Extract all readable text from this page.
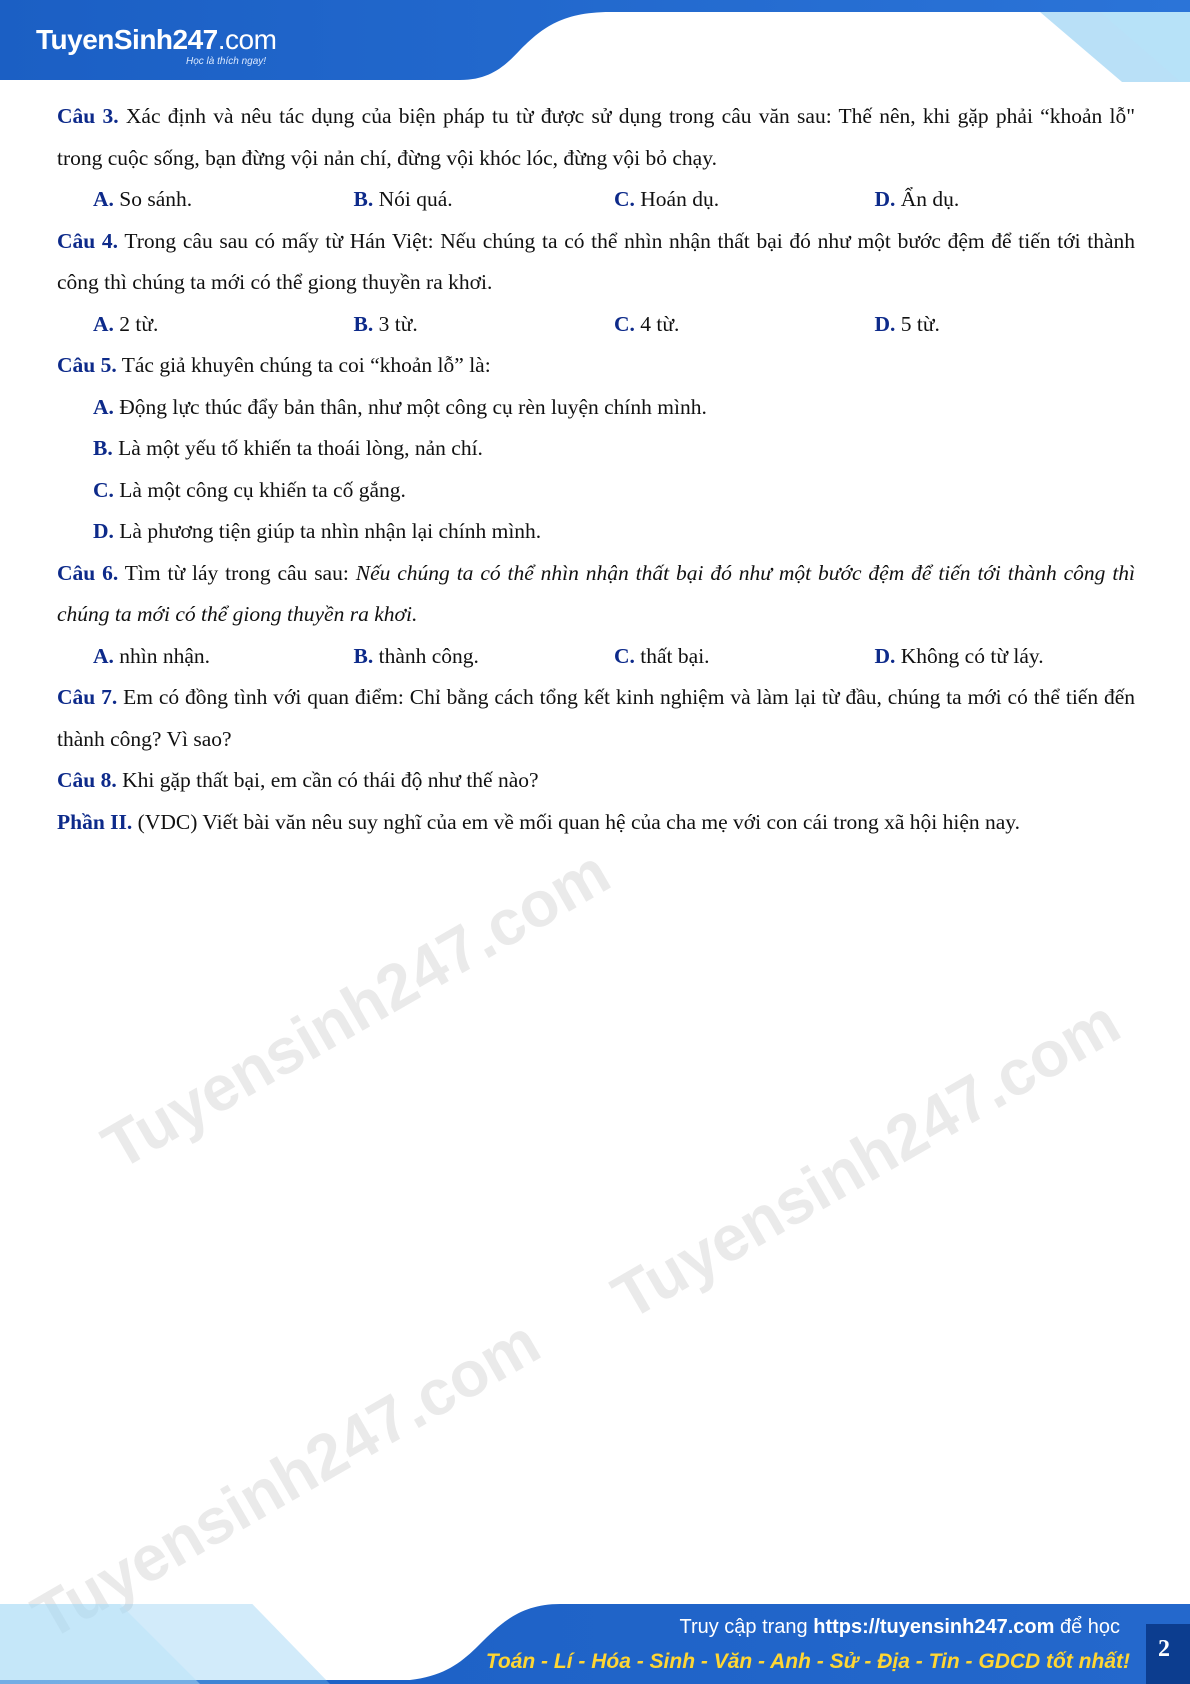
TuyenSinh247.com
Học là thích ngay!
Tuyensinh247.com
Tuyensinh247.com
Tuyensinh247.com

Câu 3. Xác định và nêu tác dụng của biện pháp tu từ được sử dụng trong câu văn sau: Thế nên, khi gặp phải “khoản lỗ" trong cuộc sống, bạn đừng vội nản chí, đừng vội khóc lóc, đừng vội bỏ chạy.

A. So sánh.	B. Nói quá.	C. Hoán dụ.	D. Ẩn dụ.

Câu 4. Trong câu sau có mấy từ Hán Việt: Nếu chúng ta có thể nhìn nhận thất bại đó như một bước đệm để tiến tới thành công thì chúng ta mới có thể giong thuyền ra khơi.

A. 2 từ.	B. 3 từ.	C. 4 từ.	D. 5 từ.

Câu 5. Tác giả khuyên chúng ta coi “khoản lỗ” là:

A. Động lực thúc đẩy bản thân, như một công cụ rèn luyện chính mình.

B. Là một yếu tố khiến ta thoái lòng, nản chí.

C. Là một công cụ khiến ta cố gắng.

D. Là phương tiện giúp ta nhìn nhận lại chính mình.

Câu 6. Tìm từ láy trong câu sau: Nếu chúng ta có thể nhìn nhận thất bại đó như một bước đệm để tiến tới thành công thì chúng ta mới có thể giong thuyền ra khơi.

A. nhìn nhận.	B. thành công.	C. thất bại.	D. Không có từ láy.

Câu 7. Em có đồng tình với quan điểm: Chỉ bằng cách tổng kết kinh nghiệm và làm lại từ đầu, chúng ta mới có thể tiến đến thành công? Vì sao?

Câu 8. Khi gặp thất bại, em cần có thái độ như thế nào?

Phần II. (VDC) Viết bài văn nêu suy nghĩ của em về mối quan hệ của cha mẹ với con cái trong xã hội hiện nay.

Truy cập trang https://tuyensinh247.com để học
Toán - Lí - Hóa - Sinh - Văn - Anh - Sử - Địa - Tin - GDCD tốt nhất!	2
